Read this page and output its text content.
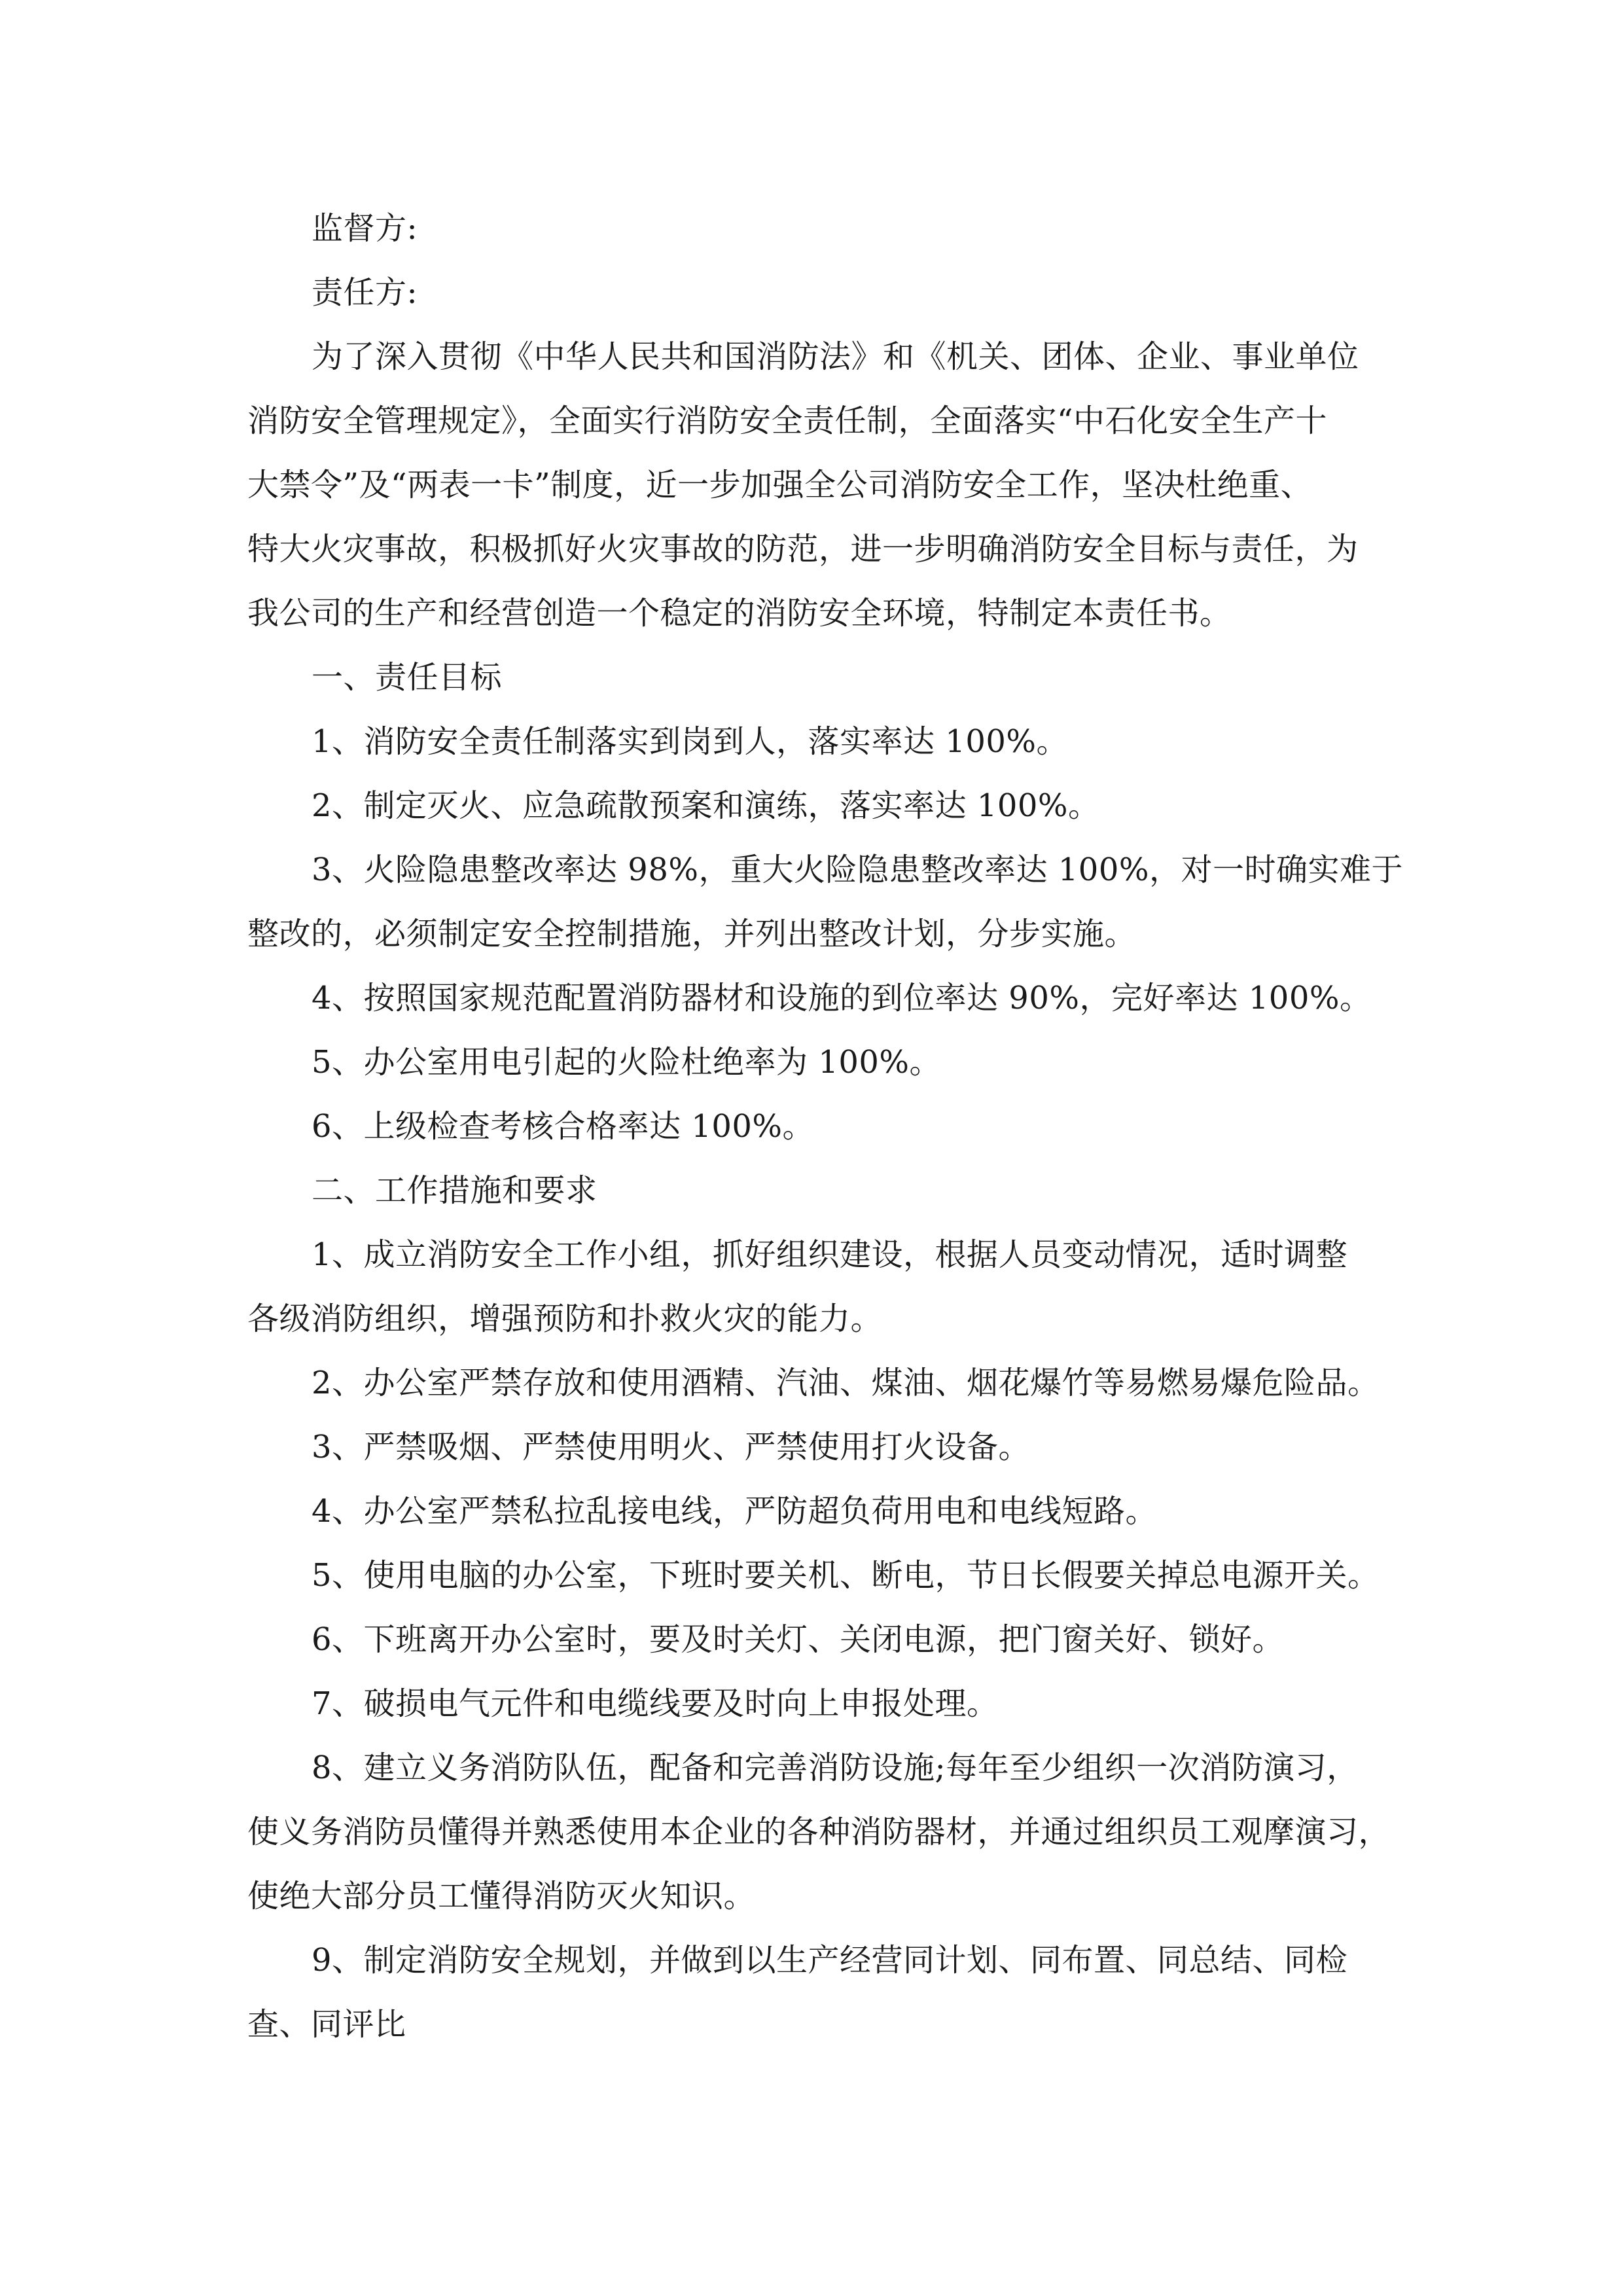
监督方:
责任方:
为了深入贯彻《中华人民共和国消防法》和《机关、团体、企业、事业单位
消防安全管理规定》，全面实行消防安全责任制，全面落实“中石化安全生产十
大禁令”及“两表一卡”制度，近一步加强全公司消防安全工作，坚决杜绝重、
特大火灾事故，积极抓好火灾事故的防范，进一步明确消防安全目标与责任，为
我公司的生产和经营创造一个稳定的消防安全环境，特制定本责任书。
一、责任目标
1、消防安全责任制落实到岗到人，落实率达 100%。
2、制定灭火、应急疏散预案和演练，落实率达 100%。
3、火险隐患整改率达 98%，重大火险隐患整改率达 100%，对一时确实难于
整改的，必须制定安全控制措施，并列出整改计划，分步实施。
4、按照国家规范配置消防器材和设施的到位率达 90%，完好率达 100%。
5、办公室用电引起的火险杜绝率为 100%。
6、上级检查考核合格率达 100%。
二、工作措施和要求
1、成立消防安全工作小组，抓好组织建设，根据人员变动情况，适时调整
各级消防组织，增强预防和扑救火灾的能力。
2、办公室严禁存放和使用酒精、汽油、煤油、烟花爆竹等易燃易爆危险品。
3、严禁吸烟、严禁使用明火、严禁使用打火设备。
4、办公室严禁私拉乱接电线，严防超负荷用电和电线短路。
5、使用电脑的办公室，下班时要关机、断电，节日长假要关掉总电源开关。
6、下班离开办公室时，要及时关灯、关闭电源，把门窗关好、锁好。
7、破损电气元件和电缆线要及时向上申报处理。
8、建立义务消防队伍，配备和完善消防设施;每年至少组织一次消防演习，
使义务消防员懂得并熟悉使用本企业的各种消防器材，并通过组织员工观摩演习，
使绝大部分员工懂得消防灭火知识。
9、制定消防安全规划，并做到以生产经营同计划、同布置、同总结、同检
查、同评比
